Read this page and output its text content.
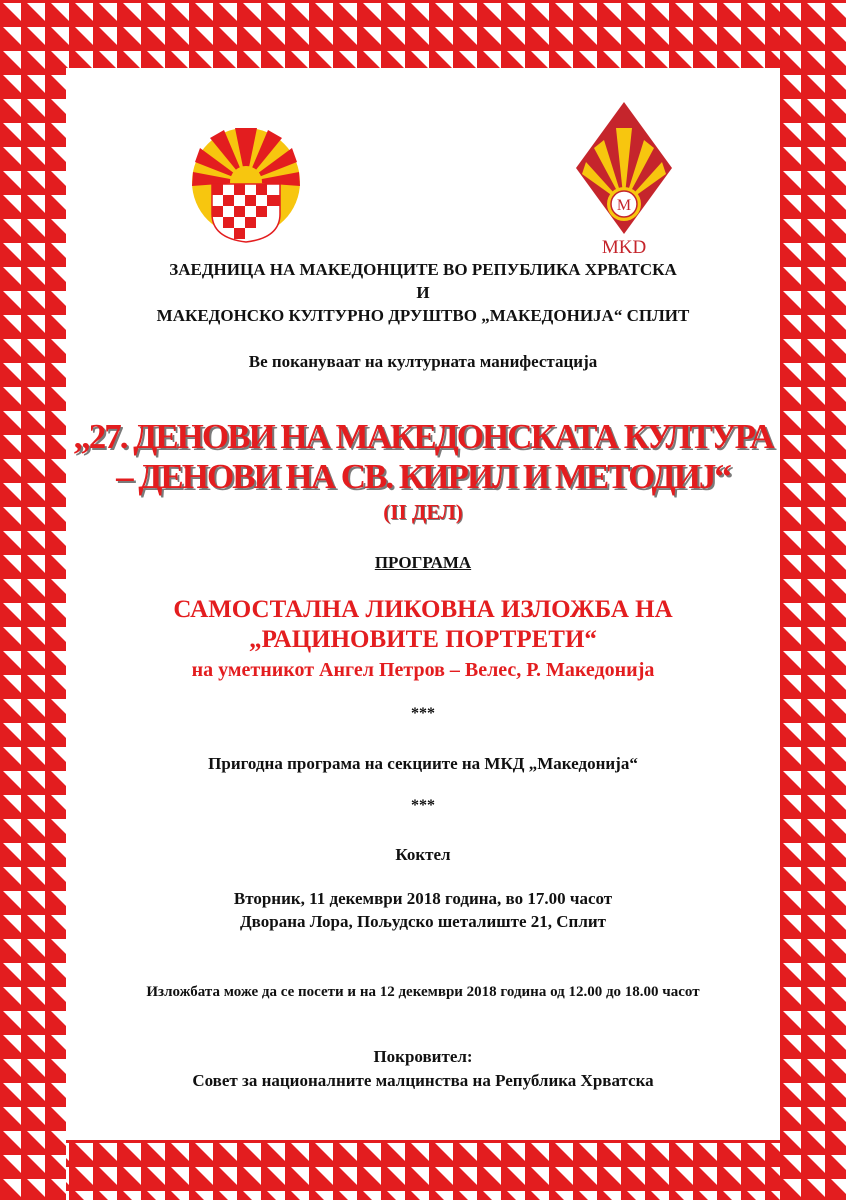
M
MKD
ЗАЕДНИЦА НА МАКЕДОНЦИТЕ ВО РЕПУБЛИКА ХРВАТСКА
И
МАКЕДОНСКО КУЛТУРНО ДРУШТВО „МАКЕДОНИЈА“ СПЛИТ
Ве покануваат на културната манифестација
„27. ДЕНОВИ НА МАКЕДОНСКАТА КУЛТУРА
– ДЕНОВИ НА СВ. КИРИЛ И МЕТОДИЈ“
(II ДЕЛ)
ПРОГРАМА
САМОСТАЛНА ЛИКОВНА ИЗЛОЖБА НА
„РАЦИНОВИТЕ ПОРТРЕТИ“
на уметникот Ангел Петров – Велес, Р. Македонија
***
Пригодна програма на секциите на МКД „Македонија“
***
Коктел
Вторник, 11 декември 2018 година, во 17.00 часот
Дворана Лора, Пољудско шеталиште 21, Сплит
Изложбата може да се посети и на 12 декември 2018 година од 12.00 до 18.00 часот
Покровител:
Совет за националните малцинства на Република Хрватска
